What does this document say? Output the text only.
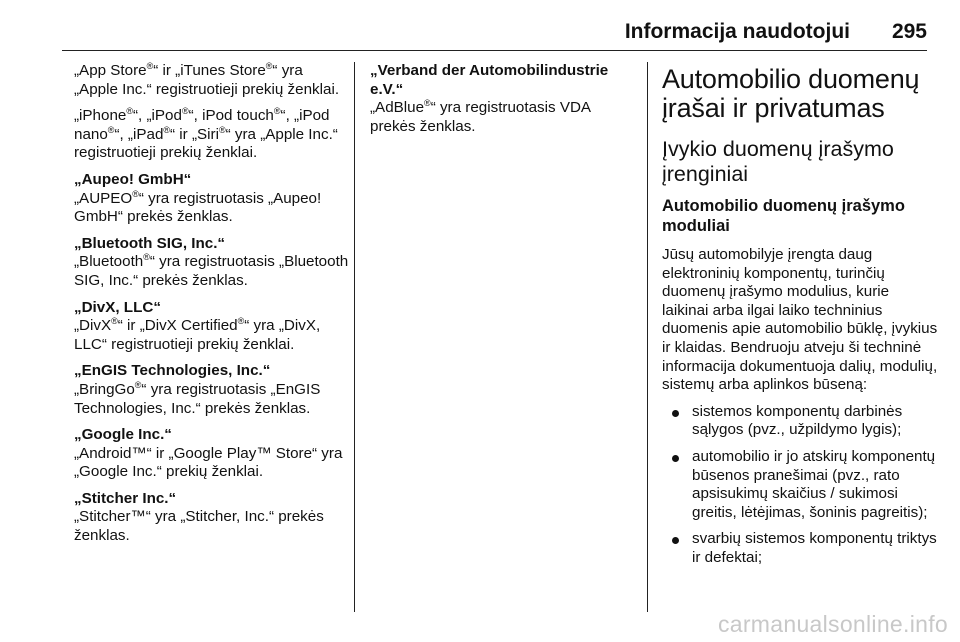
Informacija naudotojui 295

„App Store®“ ir „iTunes Store®“ yra „Apple Inc.“ registruotieji prekių ženklai.

„iPhone®“, „iPod®“, iPod touch®“, „iPod nano®“, „iPad®“ ir „Siri®“ yra „Apple Inc.“ registruotieji prekių ženklai.

„Aupeo! GmbH“

„AUPEO®“ yra registruotasis „Aupeo! GmbH“ prekės ženklas.

„Bluetooth SIG, Inc.“

„Bluetooth®“ yra registruotasis „Bluetooth SIG, Inc.“ prekės ženklas.

„DivX, LLC“

„DivX®“ ir „DivX Certified®“ yra „DivX, LLC“ registruotieji prekių ženklai.

„EnGIS Technologies, Inc.“

„BringGo®“ yra registruotasis „EnGIS Technologies, Inc.“ prekės ženklas.

„Google Inc.“

„Android™“ ir „Google Play™ Store“ yra „Google Inc.“ prekių ženklai.

„Stitcher Inc.“

„Stitcher™“ yra „Stitcher, Inc.“ prekės ženklas.

„Verband der Automobilindustrie e.V.“

„AdBlue®“ yra registruotasis VDA prekės ženklas.

Automobilio duomenų įrašai ir privatumas
Įvykio duomenų įrašymo įrenginiai
Automobilio duomenų įrašymo moduliai

Jūsų automobilyje įrengta daug elektroninių komponentų, turinčių duomenų įrašymo modulius, kurie laikinai arba ilgai laiko techninius duomenis apie automobilio būklę, įvykius ir klaidas. Bendruoju atveju ši techninė informacija dokumentuoja dalių, modulių, sistemų arba aplinkos būseną:

sistemos komponentų darbinės sąlygos (pvz., užpildymo lygis);
automobilio ir jo atskirų komponentų būsenos pranešimai (pvz., rato apsisukimų skaičius / sukimosi greitis, lėtėjimas, šoninis pagreitis);
svarbių sistemos komponentų triktys ir defektai;
carmanualsonline.info
